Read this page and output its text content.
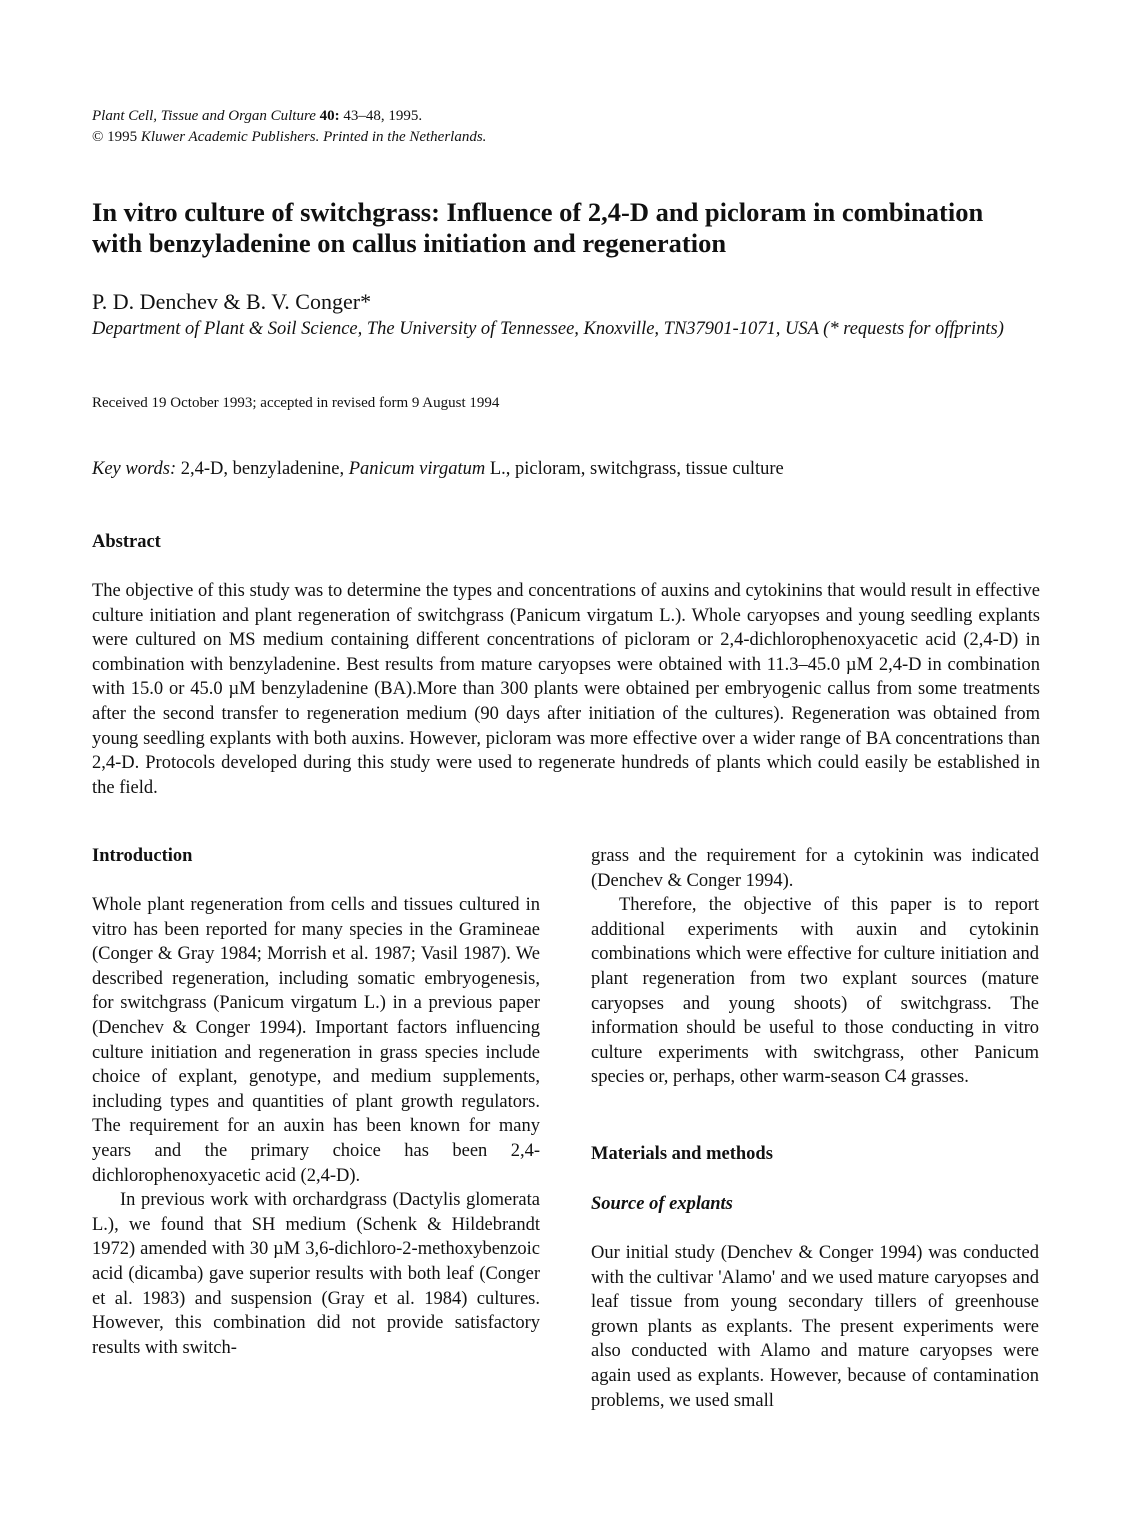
Plant Cell, Tissue and Organ Culture 40: 43–48, 1995.
© 1995 Kluwer Academic Publishers. Printed in the Netherlands.
In vitro culture of switchgrass: Influence of 2,4-D and picloram in combination with benzyladenine on callus initiation and regeneration
P. D. Denchev & B. V. Conger*
Department of Plant & Soil Science, The University of Tennessee, Knoxville, TN37901-1071, USA (* requests for offprints)
Received 19 October 1993; accepted in revised form 9 August 1994
Key words: 2,4-D, benzyladenine, Panicum virgatum L., picloram, switchgrass, tissue culture
Abstract

The objective of this study was to determine the types and concentrations of auxins and cytokinins that would result in effective culture initiation and plant regeneration of switchgrass (Panicum virgatum L.). Whole caryopses and young seedling explants were cultured on MS medium containing different concentrations of picloram or 2,4-dichlorophenoxyacetic acid (2,4-D) in combination with benzyladenine. Best results from mature caryopses were obtained with 11.3–45.0 µM 2,4-D in combination with 15.0 or 45.0 µM benzyladenine (BA).More than 300 plants were obtained per embryogenic callus from some treatments after the second transfer to regeneration medium (90 days after initiation of the cultures). Regeneration was obtained from young seedling explants with both auxins. However, picloram was more effective over a wider range of BA concentrations than 2,4-D. Protocols developed during this study were used to regenerate hundreds of plants which could easily be established in the field.

Introduction

Whole plant regeneration from cells and tissues cultured in vitro has been reported for many species in the Gramineae (Conger & Gray 1984; Morrish et al. 1987; Vasil 1987). We described regeneration, including somatic embryogenesis, for switchgrass (Panicum virgatum L.) in a previous paper (Denchev & Conger 1994). Important factors influencing culture initiation and regeneration in grass species include choice of explant, genotype, and medium supplements, including types and quantities of plant growth regulators. The requirement for an auxin has been known for many years and the primary choice has been 2,4-dichlorophenoxyacetic acid (2,4-D).

In previous work with orchardgrass (Dactylis glomerata L.), we found that SH medium (Schenk & Hildebrandt 1972) amended with 30 µM 3,6-dichloro-2-methoxybenzoic acid (dicamba) gave superior results with both leaf (Conger et al. 1983) and suspension (Gray et al. 1984) cultures. However, this combination did not provide satisfactory results with switch-

grass and the requirement for a cytokinin was indicated (Denchev & Conger 1994).

Therefore, the objective of this paper is to report additional experiments with auxin and cytokinin combinations which were effective for culture initiation and plant regeneration from two explant sources (mature caryopses and young shoots) of switchgrass. The information should be useful to those conducting in vitro culture experiments with switchgrass, other Panicum species or, perhaps, other warm-season C4 grasses.

Materials and methods
Source of explants

Our initial study (Denchev & Conger 1994) was conducted with the cultivar 'Alamo' and we used mature caryopses and leaf tissue from young secondary tillers of greenhouse grown plants as explants. The present experiments were also conducted with Alamo and mature caryopses were again used as explants. However, because of contamination problems, we used small
